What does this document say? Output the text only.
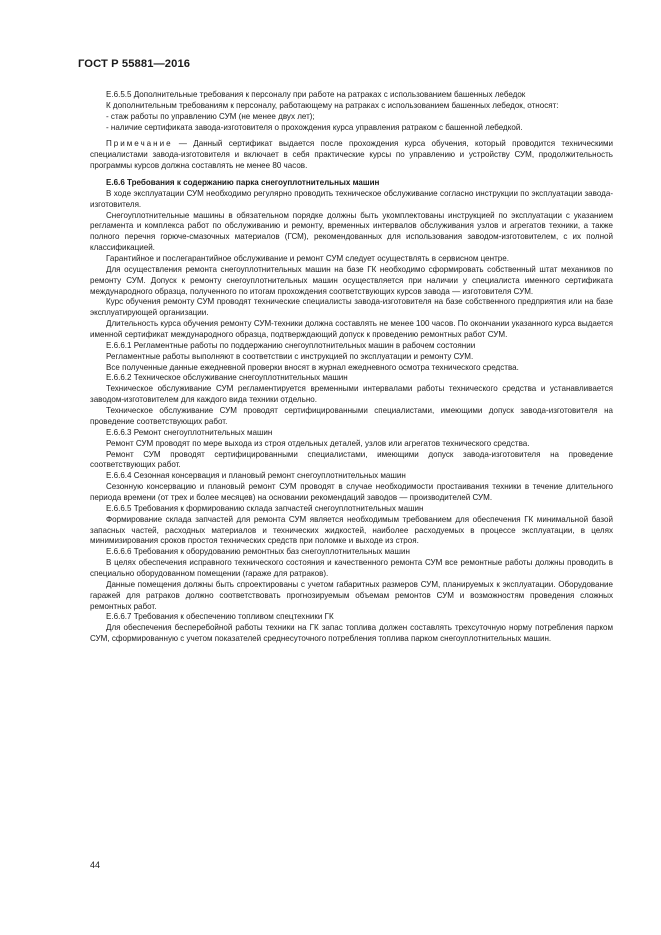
ГОСТ Р 55881—2016

Е.6.5.5 Дополнительные требования к персоналу при работе на ратраках с использованием башенных лебедок

К дополнительным требованиям к персоналу, работающему на ратраках с использованием башенных лебедок, относят:

- стаж работы по управлению СУМ (не менее двух лет);

- наличие сертификата завода-изготовителя о прохождения курса управления ратраком с башенной лебедкой.

Примечание — Данный сертификат выдается после прохождения курса обучения, который проводится техническими специалистами завода-изготовителя и включает в себя практические курсы по управлению и устройству СУМ, продолжительность программы курсов должна составлять не менее 80 часов.

Е.6.6 Требования к содержанию парка снегоуплотнительных машин

В ходе эксплуатации СУМ необходимо регулярно проводить техническое обслуживание согласно инструкции по эксплуатации завода-изготовителя.

Снегоуплотнительные машины в обязательном порядке должны быть укомплектованы инструкцией по эксплуатации с указанием регламента и комплекса работ по обслуживанию и ремонту, временных интервалов обслуживания узлов и агрегатов техники, а также полного перечня горюче-смазочных материалов (ГСМ), рекомендованных для использования заводом-изготовителем, с их полной классификацией.

Гарантийное и послегарантийное обслуживание и ремонт СУМ следует осуществлять в сервисном центре.

Для осуществления ремонта снегоуплотнительных машин на базе ГК необходимо сформировать собственный штат механиков по ремонту СУМ. Допуск к ремонту снегоуплотнительных машин осуществляется при наличии у специалиста именного сертификата международного образца, полученного по итогам прохождения соответствующих курсов завода — изготовителя СУМ.

Курс обучения ремонту СУМ проводят технические специалисты завода-изготовителя на базе собственного предприятия или на базе эксплуатирующей организации.

Длительность курса обучения ремонту СУМ-техники должна составлять не менее 100 часов. По окончании указанного курса выдается именной сертификат международного образца, подтверждающий допуск к проведению ремонтных работ СУМ.

Е.6.6.1 Регламентные работы по поддержанию снегоуплотнительных машин в рабочем состоянии

Регламентные работы выполняют в соответствии с инструкцией по эксплуатации и ремонту СУМ.

Все полученные данные ежедневной проверки вносят в журнал ежедневного осмотра технического средства.

Е.6.6.2 Техническое обслуживание снегоуплотнительных машин

Техническое обслуживание СУМ регламентируется временными интервалами работы технического средства и устанавливается заводом-изготовителем для каждого вида техники отдельно.

Техническое обслуживание СУМ проводят сертифицированными специалистами, имеющими допуск завода-изготовителя на проведение соответствующих работ.

Е.6.6.3 Ремонт снегоуплотнительных машин

Ремонт СУМ проводят по мере выхода из строя отдельных деталей, узлов или агрегатов технического средства.

Ремонт СУМ проводят сертифицированными специалистами, имеющими допуск завода-изготовителя на проведение соответствующих работ.

Е.6.6.4 Сезонная консервация и плановый ремонт снегоуплотнительных машин

Сезонную консервацию и плановый ремонт СУМ проводят в случае необходимости простаивания техники в течение длительного периода времени (от трех и более месяцев) на основании рекомендаций заводов — производителей СУМ.

Е.6.6.5 Требования к формированию склада запчастей снегоуплотнительных машин

Формирование склада запчастей для ремонта СУМ является необходимым требованием для обеспечения ГК минимальной базой запасных частей, расходных материалов и технических жидкостей, наиболее расходуемых в процессе эксплуатации, в целях минимизирования сроков простоя технических средств при поломке и выходе из строя.

Е.6.6.6 Требования к оборудованию ремонтных баз снегоуплотнительных машин

В целях обеспечения исправного технического состояния и качественного ремонта СУМ все ремонтные работы должны проводить в специально оборудованном помещении (гараже для ратраков).

Данные помещения должны быть спроектированы с учетом габаритных размеров СУМ, планируемых к эксплуатации. Оборудование гаражей для ратраков должно соответствовать прогнозируемым объемам ремонтов СУМ и возможностям проведения сложных ремонтных работ.

Е.6.6.7 Требования к обеспечению топливом спецтехники ГК

Для обеспечения бесперебойной работы техники на ГК запас топлива должен составлять трехсуточную норму потребления парком СУМ, сформированную с учетом показателей среднесуточного потребления топлива парком снегоуплотнительных машин.

44
